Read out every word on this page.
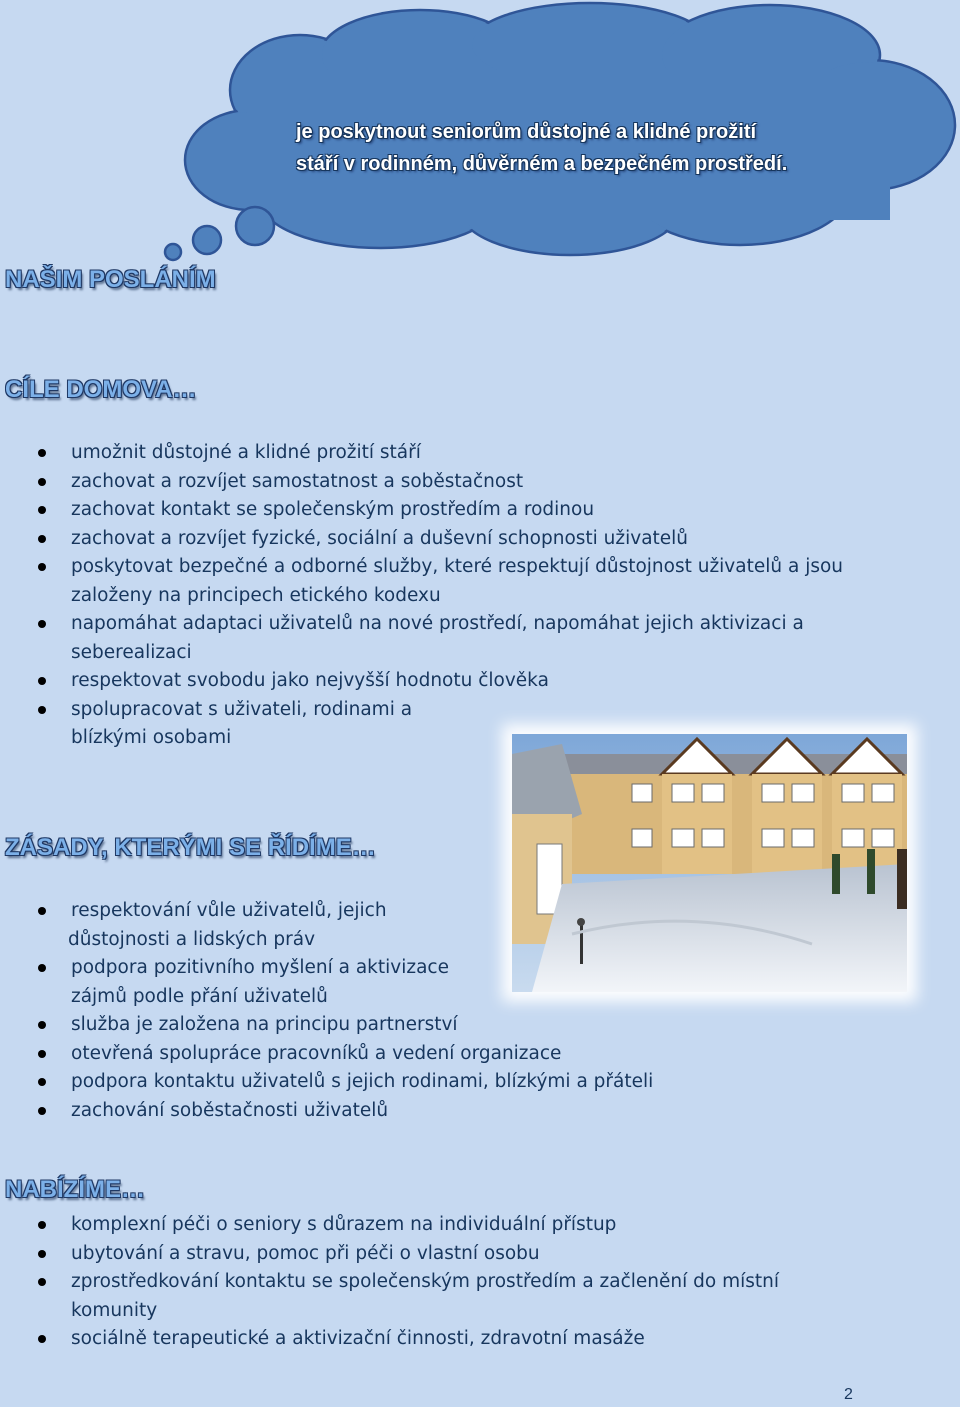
je poskytnout seniorům důstojné a klidné prožití
stáří v rodinném, důvěrném a bezpečném prostředí.
NAŠIM POSLÁNÍM
CÍLE DOMOVA…
ZÁSADY, KTERÝMI SE ŘÍDÍME…
NABÍZÍME…
umožnit důstojné a klidné prožití stáří
zachovat a rozvíjet samostatnost a soběstačnost
zachovat kontakt se společenským prostředím a rodinou
zachovat a rozvíjet fyzické, sociální a duševní schopnosti uživatelů
poskytovat bezpečné a odborné služby, které respektují důstojnost uživatelů a jsou
založeny na principech etického kodexu
napomáhat adaptaci uživatelů na nové prostředí, napomáhat jejich aktivizaci a
seberealizaci
respektovat svobodu jako nejvyšší hodnotu člověka
spolupracovat s uživateli, rodinami a
blízkými osobami
respektování vůle uživatelů, jejich
důstojnosti a lidských práv
podpora pozitivního myšlení a aktivizace
zájmů podle přání uživatelů
služba je založena na principu partnerství
otevřená spolupráce pracovníků a vedení organizace
podpora kontaktu uživatelů s jejich rodinami, blízkými a přáteli
zachování soběstačnosti uživatelů
komplexní péči o seniory s důrazem na individuální přístup
ubytování a stravu, pomoc při péči o vlastní osobu
zprostředkování kontaktu se společenským prostředím a začlenění do místní
komunity
sociálně terapeutické a aktivizační činnosti, zdravotní masáže
2
